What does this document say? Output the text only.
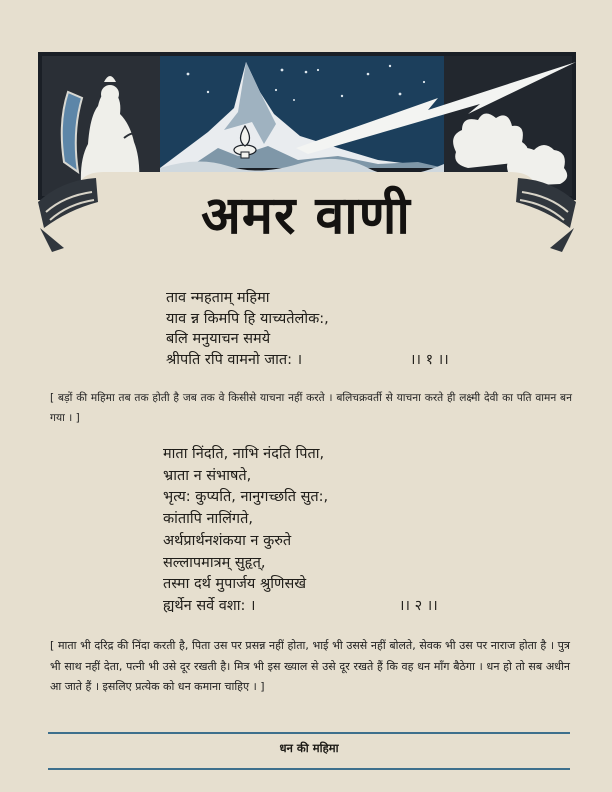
अमर वाणी
ताव न्महताम् महिमा
याव न्न किमपि हि याच्यतेलोक:,
बलि मनुयाचन समये
श्रीपति रपि वामनो जात: ।	।। १ ।।
[ बड़ों की महिमा तब तक होती है जब तक वे किसीसे याचना नहीं करते । बलिचक्रवर्ती से याचना करते ही लक्ष्मी देवी का पति वामन बन गया । ]
माता निंदति, नाभि नंदति पिता,
भ्राता न संभाषते,
भृत्य: कुप्यति, नानुगच्छति सुत:,
कांतापि नालिंगते,
अर्थप्रार्थनशंकया न कुरुते
सल्लापमात्रम् सुहृत्,
तस्मा दर्थ मुपार्जय श्रुणिसखे
ह्यर्थेन सर्वे वशा: ।	।। २ ।।
[ माता भी दरिद्र की निंदा करती है, पिता उस पर प्रसन्न नहीं होता, भाई भी उससे नहीं बोलते, सेवक भी उस पर नाराज होता है । पुत्र भी साथ नहीं देता, पत्नी भी उसे दूर रखती है। मित्र भी इस ख्याल से उसे दूर रखते हैं कि वह धन माँग बैठेगा । धन हो तो सब अधीन आ जाते हैं । इसलिए प्रत्येक को धन कमाना चाहिए । ]
धन की महिमा
